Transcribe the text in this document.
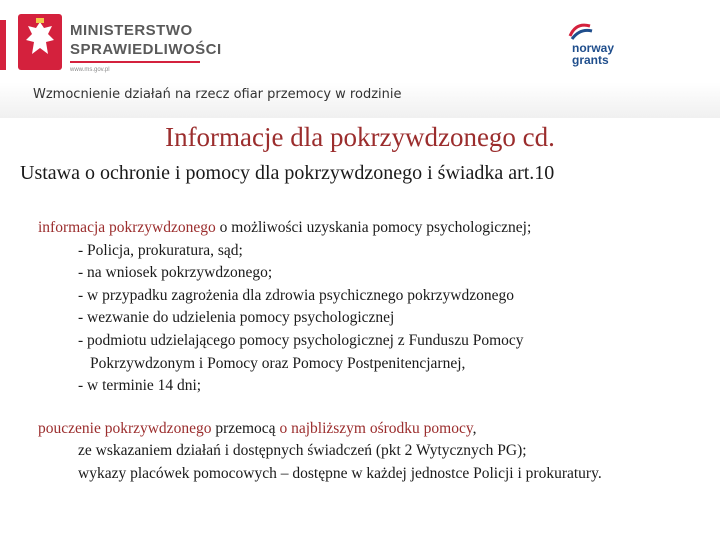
MINISTERSTWO
SPRAWIEDLIWOŚCI
www.ms.gov.pl
norway
grants
Wzmocnienie działań na rzecz ofiar przemocy w rodzinie
Informacje dla pokrzywdzonego cd.
Ustawa o ochronie i pomocy dla pokrzywdzonego i świadka art.10
informacja pokrzywdzonego o możliwości uzyskania pomocy psychologicznej;
- Policja, prokuratura, sąd;
- na wniosek pokrzywdzonego;
- w przypadku zagrożenia dla zdrowia psychicznego pokrzywdzonego
- wezwanie do udzielenia pomocy psychologicznej
- podmiotu udzielającego pomocy psychologicznej z Funduszu Pomocy
Pokrzywdzonym i Pomocy oraz Pomocy Postpenitencjarnej,
- w terminie 14 dni;
pouczenie pokrzywdzonego przemocą o najbliższym ośrodku pomocy,
ze wskazaniem działań i dostępnych świadczeń (pkt 2 Wytycznych PG);
wykazy placówek pomocowych – dostępne w każdej jednostce Policji i prokuratury.
